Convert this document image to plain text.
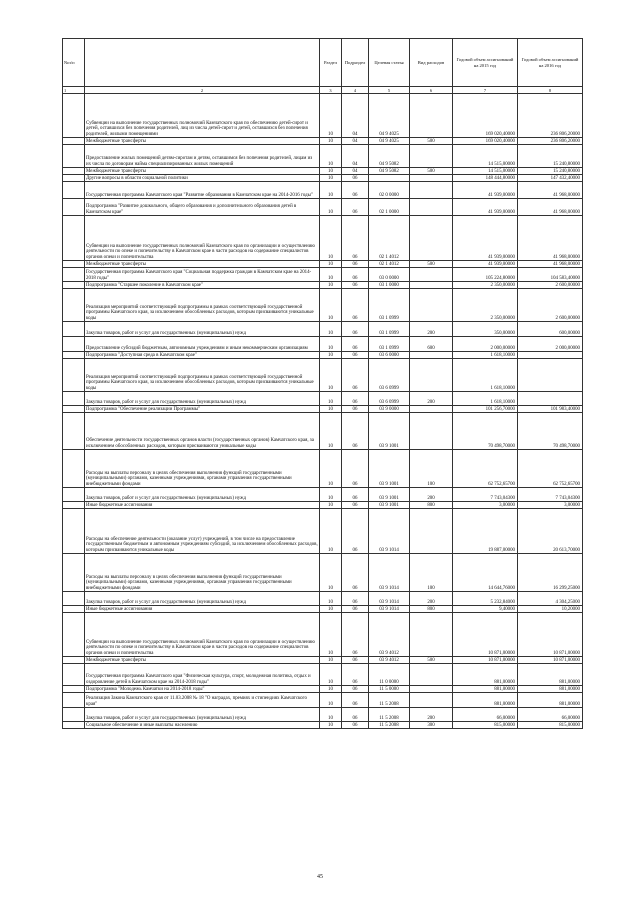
№п/п		Раздел	Подраздел	Целевая статья	Вид расходов	Годовой объем ассигнований на 2015 год	Годовой объем ассигнований на 2016 год
1	2	3	4	5	6	7	8
	Субвенции на выполнение государственных полномочий Камчатского края по обеспечению детей-сирот и детей, оставшихся без попечения родителей, лиц из числа детей-сирот и детей, оставшихся без попечения родителей, жилыми помещениями	10	04	04 9 4025		169 020,40000	236 806,20000
	Межбюджетные трансферты	10	04	04 9 4025	500	169 020,40000	236 806,20000
	Предоставление жилых помещений детям-сиротам и детям, оставшимся без попечения родителей, лицам из их числа по договорам найма специализированных жилых помещений	10	04	04 9 5082		14 515,00000	15 240,80000
	Межбюджетные трансферты	10	04	04 9 5082	500	14 515,00000	15 240,80000
	Другие вопросы в области социальной политики	10	06			148 444,80000	147 432,40000
	Государственная программа Камчатского края "Развитие образования в Камчатском крае на 2014-2016 годы"	10	06	02 0 0000		41 939,00000	41 968,00000
	Подпрограмма "Развитие дошкольного, общего образования и дополнительного образования детей в Камчатском крае"	10	06	02 1 0000		41 939,00000	41 968,00000
	Субвенции на выполнение государственных полномочий Камчатского края по организации и осуществлению деятельности по опеке и попечительству в Камчатском крае в части расходов на содержание специалистов органов опеки и попечительства	10	06	02 1 4012		41 939,00000	41 968,00000
	Межбюджетные трансферты	10	06	02 1 4012	500	41 939,00000	41 968,00000
	Государственная программа Камчатского края "Социальная поддержка граждан в Камчатском крае на 2014-2018 годы"	10	06	03 0 0000		105 224,80000	104 583,40000
	Подпрограмма "Старшее поколение в Камчатском крае"	10	06	03 1 0000		2 350,00000	2 600,00000
	Реализация мероприятий соответствующей подпрограммы в рамках соответствующей государственной программы Камчатского края, за исключением обособленных расходов, которым присваиваются уникальные коды	10	06	03 1 0999		2 350,00000	2 600,00000
	Закупка товаров, работ и услуг для государственных (муниципальных) нужд	10	06	03 1 0999	200	350,00000	600,00000
	Предоставление субсидий бюджетным, автономным учреждениям и иным некоммерческим организациям	10	06	03 1 0999	600	2 000,00000	2 000,00000
	Подпрограмма "Доступная среда в Камчатском крае"	10	06	03 6 0000		1 618,10000	
	Реализация мероприятий соответствующей подпрограммы в рамках соответствующей государственной программы Камчатского края, за исключением обособленных расходов, которым присваиваются уникальные коды	10	06	03 6 0999		1 618,10000	
	Закупка товаров, работ и услуг для государственных (муниципальных) нужд	10	06	03 6 0999	200	1 618,10000	
	Подпрограмма "Обеспечение реализации Программы"	10	06	03 9 0000		101 256,70000	101 983,40000
	Обеспечение деятельности государственных органов власти (государственных органов) Камчатского края, за исключением обособленных расходов, которым присваиваются уникальные коды	10	06	03 9 1001		70 498,70000	70 498,70000
	Расходы на выплаты персоналу в целях обеспечения выполнения функций государственными (муниципальными) органами, казенными учреждениями, органами управления государственными внебюджетными фондами	10	06	03 9 1001	100	62 752,65700	62 752,65700
	Закупка товаров, работ и услуг для государственных (муниципальных) нужд	10	06	03 9 1001	200	7 743,04300	7 743,04300
	Иные бюджетные ассигнования	10	06	03 9 1001	800	3,00000	3,00000
	Расходы на обеспечение деятельности (оказание услуг) учреждений, в том числе на предоставление государственным бюджетным и автономным учреждениям субсидий, за исключением обособленных расходов, которым присваиваются уникальные коды	10	06	03 9 1014		19 887,00000	20 613,70000
	Расходы на выплаты персоналу в целях обеспечения выполнения функций государственными (муниципальными) органами, казенными учреждениями, органами управления государственными внебюджетными фондами	10	06	03 9 1014	100	14 644,76000	16 299,25000
	Закупка товаров, работ и услуг для государственных (муниципальных) нужд	10	06	03 9 1014	200	5 232,84000	4 304,25000
	Иные бюджетные ассигнования	10	06	03 9 1014	800	9,40000	10,20000
	Субвенции на выполнение государственных полномочий Камчатского края по организации и осуществлению деятельности по опеке и попечительству в Камчатском крае в части расходов на содержание специалистов органов опеки и попечительства	10	06	03 9 4012		10 871,00000	10 871,00000
	Межбюджетные трансферты	10	06	03 9 4012	500	10 871,00000	10 871,00000
	Государственная программа Камчатского края "Физическая культура, спорт, молодежная политика, отдых и оздоровление детей в Камчатском крае на 2014-2018 годы"	10	06	11 0 0000		881,00000	881,00000
	Подпрограмма "Молодежь Камчатки на 2014-2018 годы"	10	06	11 5 0000		881,00000	881,00000
	Реализация Закона Камчатского края от 11.03.2008 № 18 "О наградах, премиях и стипендиях Камчатского края"	10	06	11 5 2008		881,00000	881,00000
	Закупка товаров, работ и услуг для государственных (муниципальных) нужд	10	06	11 5 2008	200	66,00000	66,00000
	Социальное обеспечение и иные выплаты населению	10	06	11 5 2008	300	815,00000	815,00000
45
